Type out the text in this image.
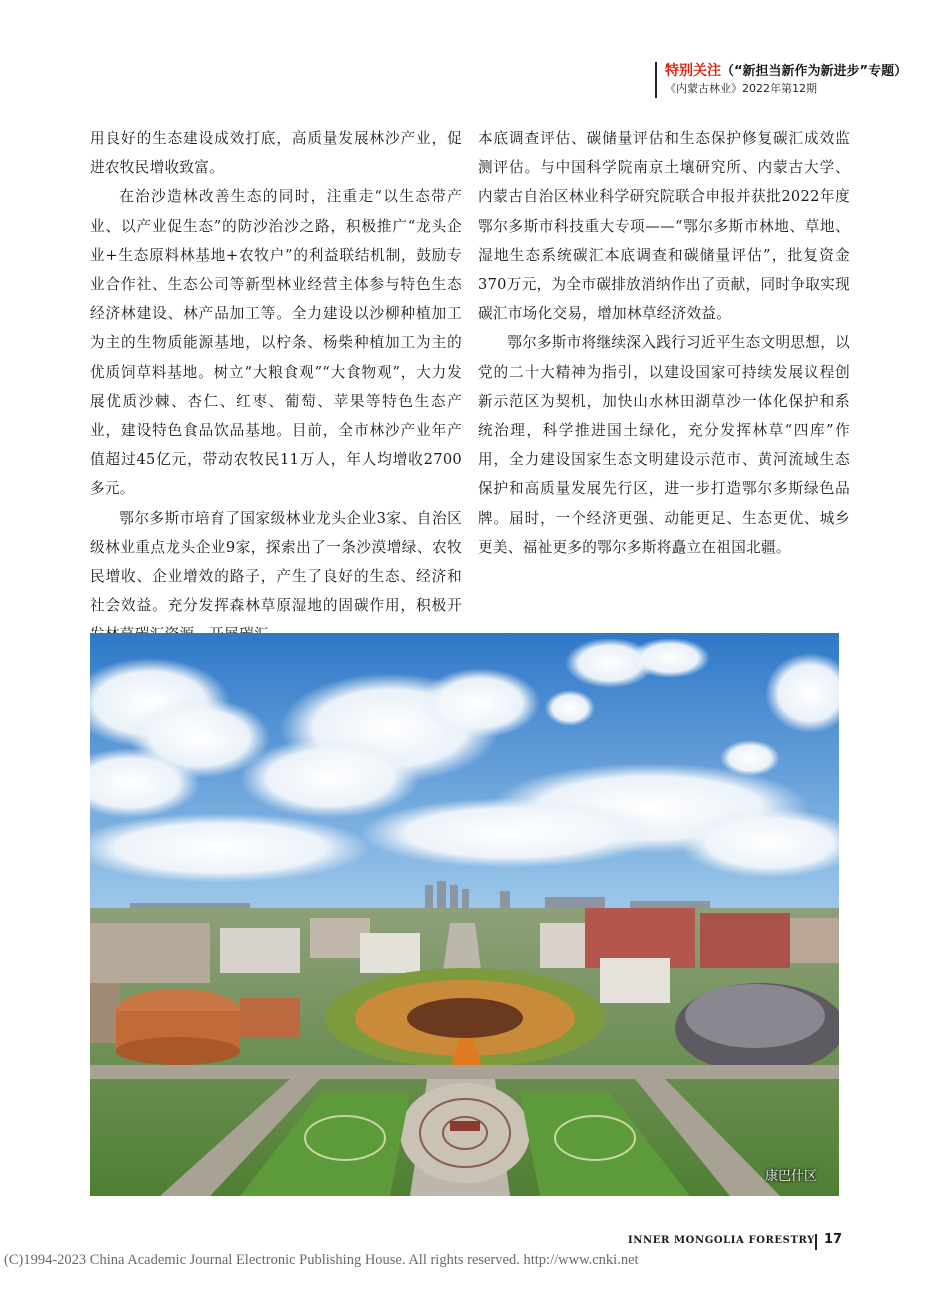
特别关注（“新担当新作为新进步”专题）
《内蒙古林业》2022年第12期

用良好的生态建设成效打底，高质量发展林沙产业，促进农牧民增收致富。

在治沙造林改善生态的同时，注重走“以生态带产业、以产业促生态”的防沙治沙之路，积极推广“龙头企业+生态原料林基地+农牧户”的利益联结机制，鼓励专业合作社、生态公司等新型林业经营主体参与特色生态经济林建设、林产品加工等。全力建设以沙柳种植加工为主的生物质能源基地，以柠条、杨柴种植加工为主的优质饲草料基地。树立“大粮食观”“大食物观”，大力发展优质沙棘、杏仁、红枣、葡萄、苹果等特色生态产业，建设特色食品饮品基地。目前，全市林沙产业年产值超过45亿元，带动农牧民11万人，年人均增收2700多元。

鄂尔多斯市培育了国家级林业龙头企业3家、自治区级林业重点龙头企业9家，探索出了一条沙漠增绿、农牧民增收、企业增效的路子，产生了良好的生态、经济和社会效益。充分发挥森林草原湿地的固碳作用，积极开

本底调查评估、碳储量评估和生态保护修复碳汇成效监测评估。与中国科学院南京土壤研究所、内蒙古大学、内蒙古自治区林业科学研究院联合申报并获批2022年度鄂尔多斯市科技重大专项——“鄂尔多斯市林地、草地、湿地生态系统碳汇本底调查和碳储量评估”，批复资金370万元，为全市碳排放消纳作出了贡献，同时争取实现碳汇市场化交易，增加林草经济效益。

鄂尔多斯市将继续深入践行习近平生态文明思想，以党的二十大精神为指引，以建设国家可持续发展议程创新示范区为契机，加快山水林田湖草沙一体化保护和系统治理，科学推进国土绿化，充分发挥林草“四库”作用，全力建设国家生态文明建设示范市、黄河流域生态保护和高质量发展先行区，进一步打造鄂尔多斯绿色品牌。届时，一个经济更强、动能更足、生态更优、城乡更美、福祉更多的鄂尔多斯将矗立在祖国北疆。

康巴什区
INNER MONGOLIA FORESTRY 17
(C)1994-2023 China Academic Journal Electronic Publishing House. All rights reserved. http://www.cnki.net
